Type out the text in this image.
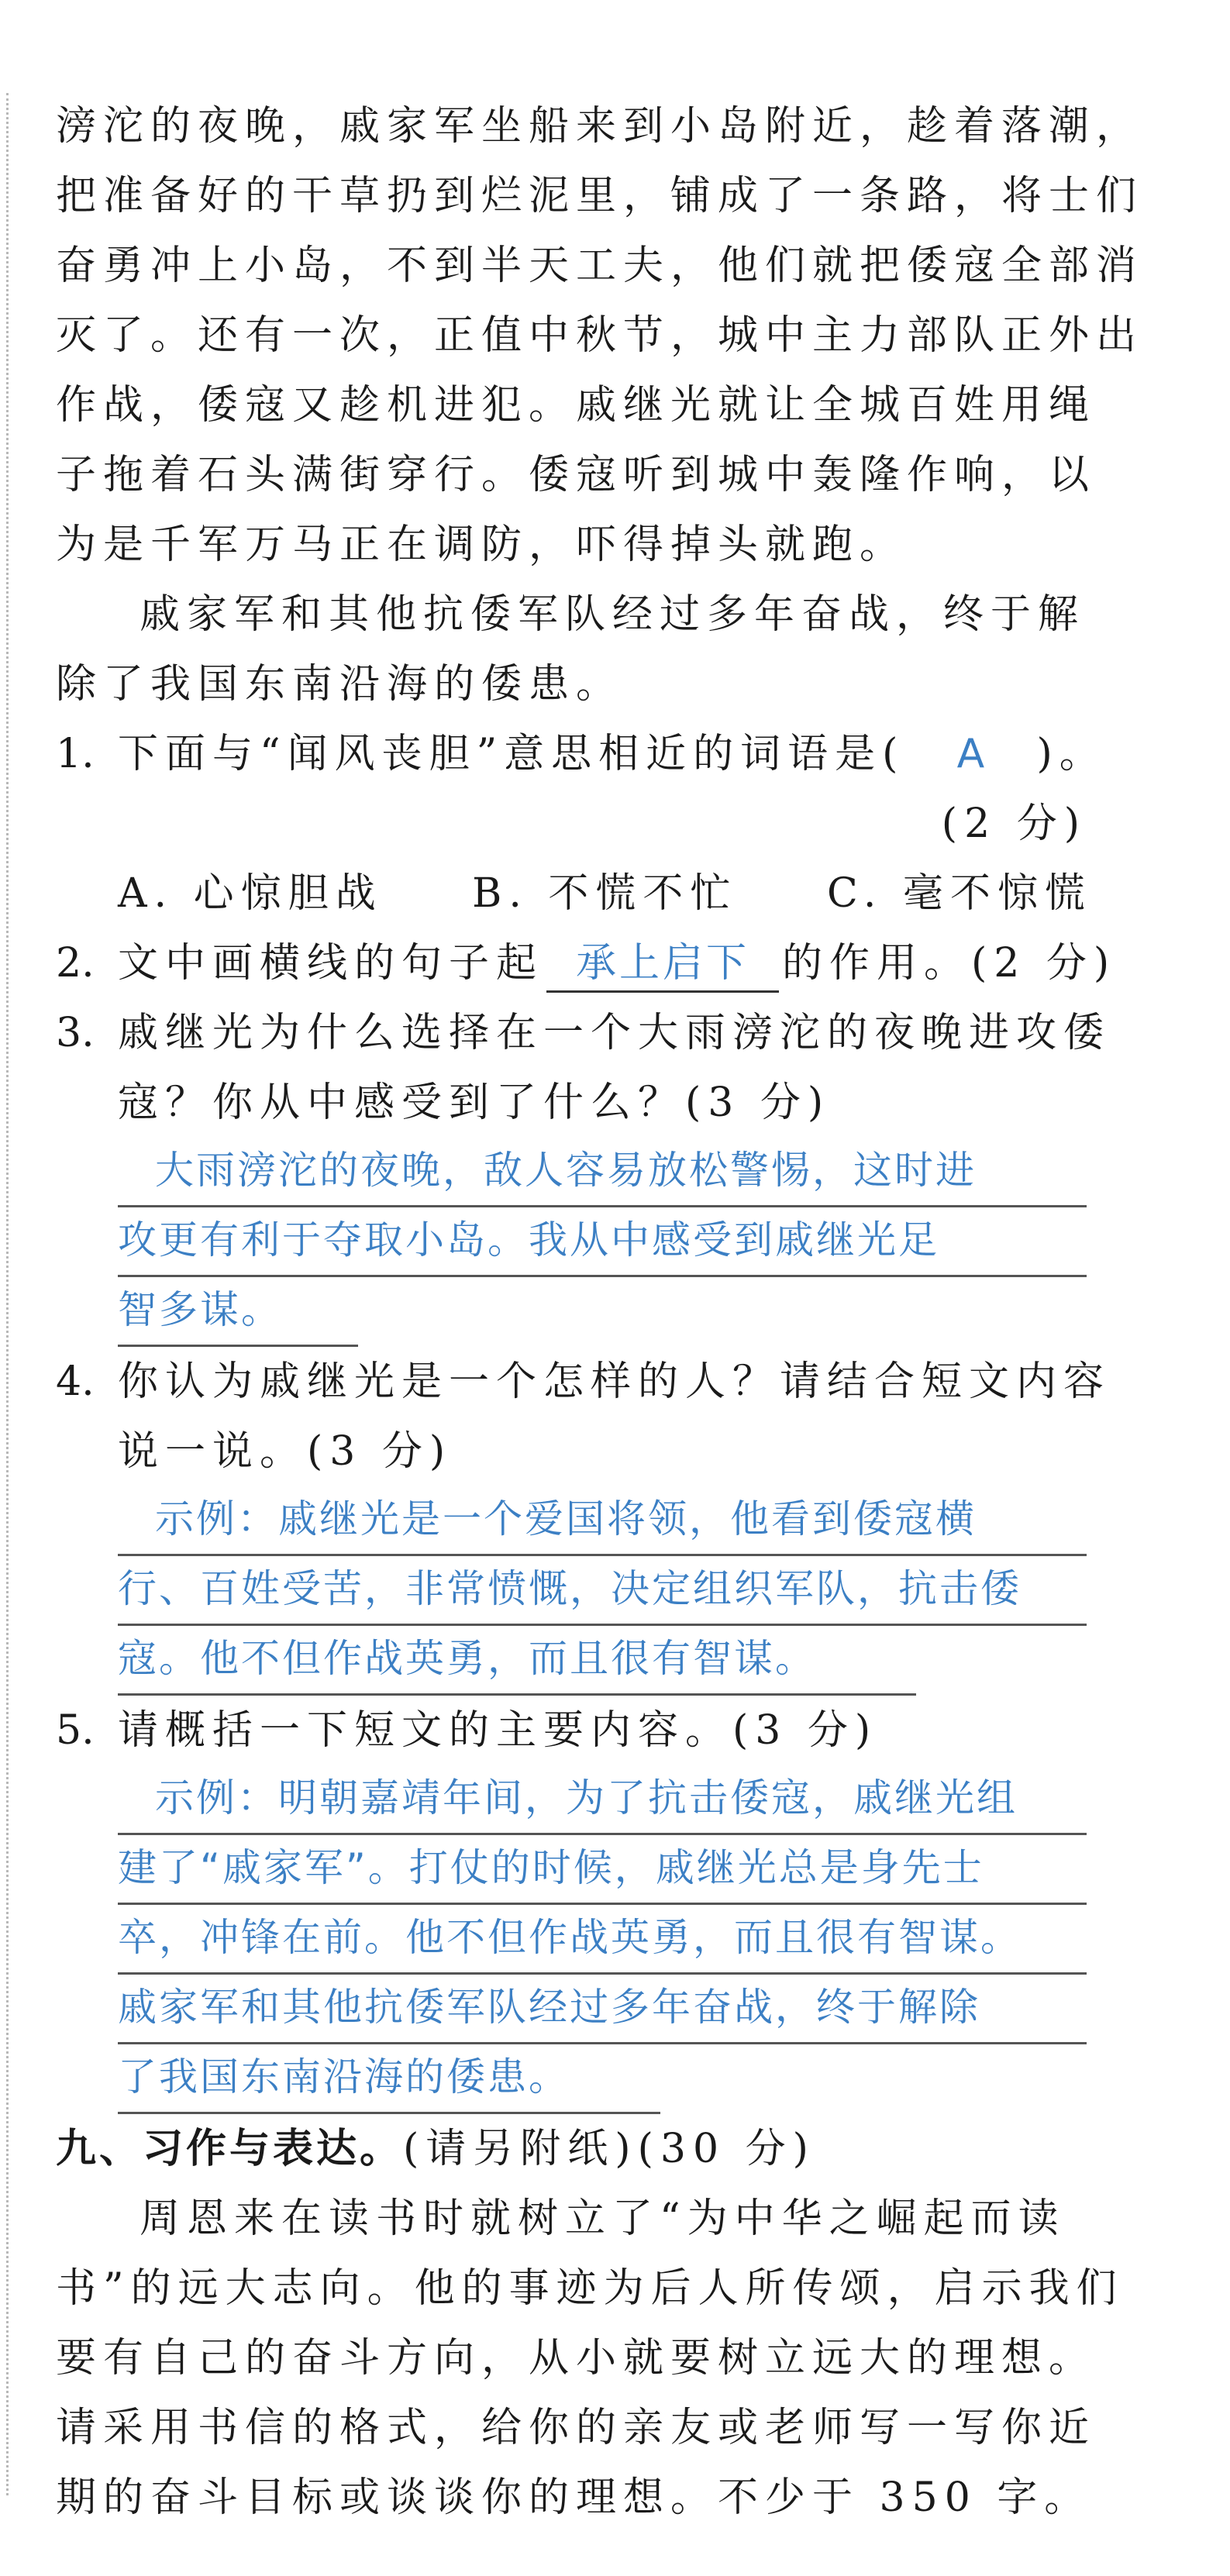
滂沱的夜晚，戚家军坐船来到小岛附近，趁着落潮，
把准备好的干草扔到烂泥里，铺成了一条路，将士们
奋勇冲上小岛，不到半天工夫，他们就把倭寇全部消
灭了。还有一次，正值中秋节，城中主力部队正外出
作战，倭寇又趁机进犯。戚继光就让全城百姓用绳
子拖着石头满街穿行。倭寇听到城中轰隆作响，以
为是千军万马正在调防，吓得掉头就跑。
戚家军和其他抗倭军队经过多年奋战，终于解
除了我国东南沿海的倭患。
1. 下面与“闻风丧胆”意思相近的词语是( A )。
(2 分)
A. 心惊胆战 B. 不慌不忙 C. 毫不惊慌
2. 文中画横线的句子起 承上启下 的作用。(2 分)
3. 戚继光为什么选择在一个大雨滂沱的夜晚进攻倭
寇？你从中感受到了什么？(3 分)
大雨滂沱的夜晚，敌人容易放松警惕，这时进
攻更有利于夺取小岛。我从中感受到戚继光足
智多谋。
4. 你认为戚继光是一个怎样的人？请结合短文内容
说一说。(3 分)
示例：戚继光是一个爱国将领，他看到倭寇横
行、百姓受苦，非常愤慨，决定组织军队，抗击倭
寇。他不但作战英勇，而且很有智谋。
5. 请概括一下短文的主要内容。(3 分)
示例：明朝嘉靖年间，为了抗击倭寇，戚继光组
建了“戚家军”。打仗的时候，戚继光总是身先士
卒，冲锋在前。他不但作战英勇，而且很有智谋。
戚家军和其他抗倭军队经过多年奋战，终于解除
了我国东南沿海的倭患。
九、习作与表达。(请另附纸)(30 分)
周恩来在读书时就树立了“为中华之崛起而读
书”的远大志向。他的事迹为后人所传颂，启示我们
要有自己的奋斗方向，从小就要树立远大的理想。
请采用书信的格式，给你的亲友或老师写一写你近
期的奋斗目标或谈谈你的理想。不少于 350 字。
